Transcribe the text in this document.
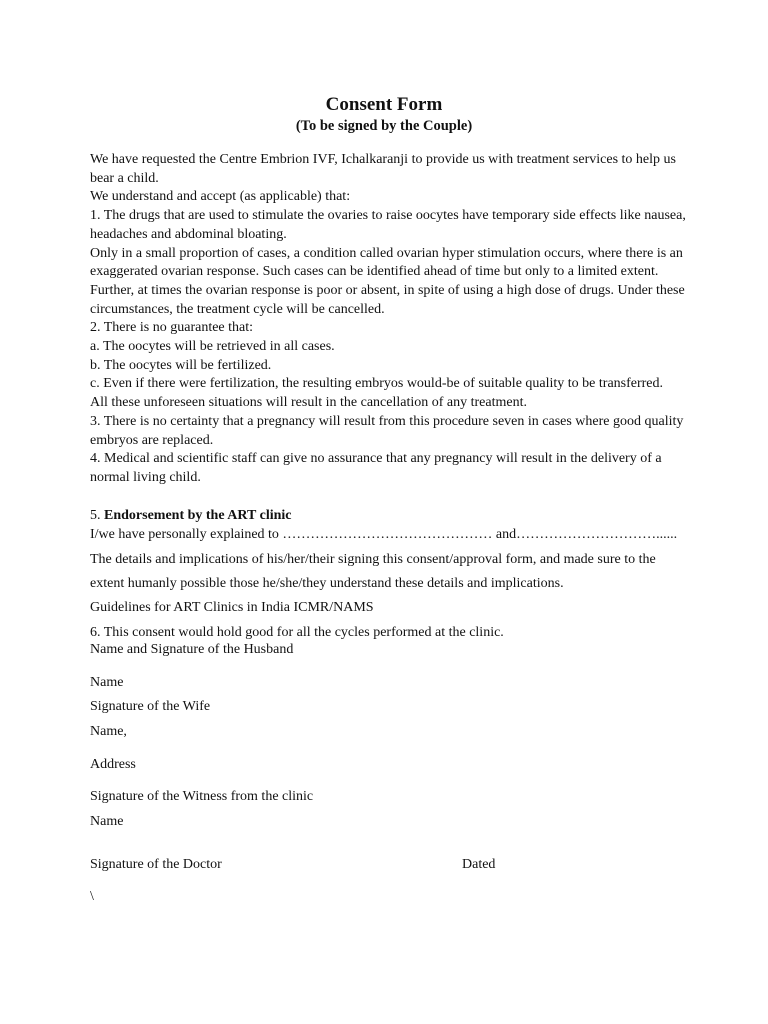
Consent Form
(To be signed by the Couple)

We have requested the Centre Embrion IVF, Ichalkaranji to provide us with treatment services to help us bear a child.

We understand and accept (as applicable) that:

1. The drugs that are used to stimulate the ovaries to raise oocytes have temporary side effects like nausea, headaches and abdominal bloating.

Only in a small proportion of cases, a condition called ovarian hyper stimulation occurs, where there is an exaggerated ovarian response. Such cases can be identified ahead of time but only to a limited extent.

Further, at times the ovarian response is poor or absent, in spite of using a high dose of drugs. Under these circumstances, the treatment cycle will be cancelled.

2. There is no guarantee that:

a. The oocytes will be retrieved in all cases.

b. The oocytes will be fertilized.

c. Even if there were fertilization, the resulting embryos would-be of suitable quality to be transferred.

All these unforeseen situations will result in the cancellation of any treatment.

3. There is no certainty that a pregnancy will result from this procedure seven in cases where good quality embryos are replaced.

4. Medical and scientific staff can give no assurance that any pregnancy will result in the delivery of a normal living child.

5. Endorsement by the ART clinic
I/we have personally explained to ……………………………………… and…………………………......
The details and implications of his/her/their signing this consent/approval form, and made sure to the
extent humanly possible those he/she/they understand these details and implications.
Guidelines for ART Clinics in India ICMR/NAMS
6. This consent would hold good for all the cycles performed at the clinic.
Name and Signature of the Husband
Name
Signature of the Wife
Name,
Address
Signature of the Witness from the clinic
Name
Signature of the Doctor	Dated
\
